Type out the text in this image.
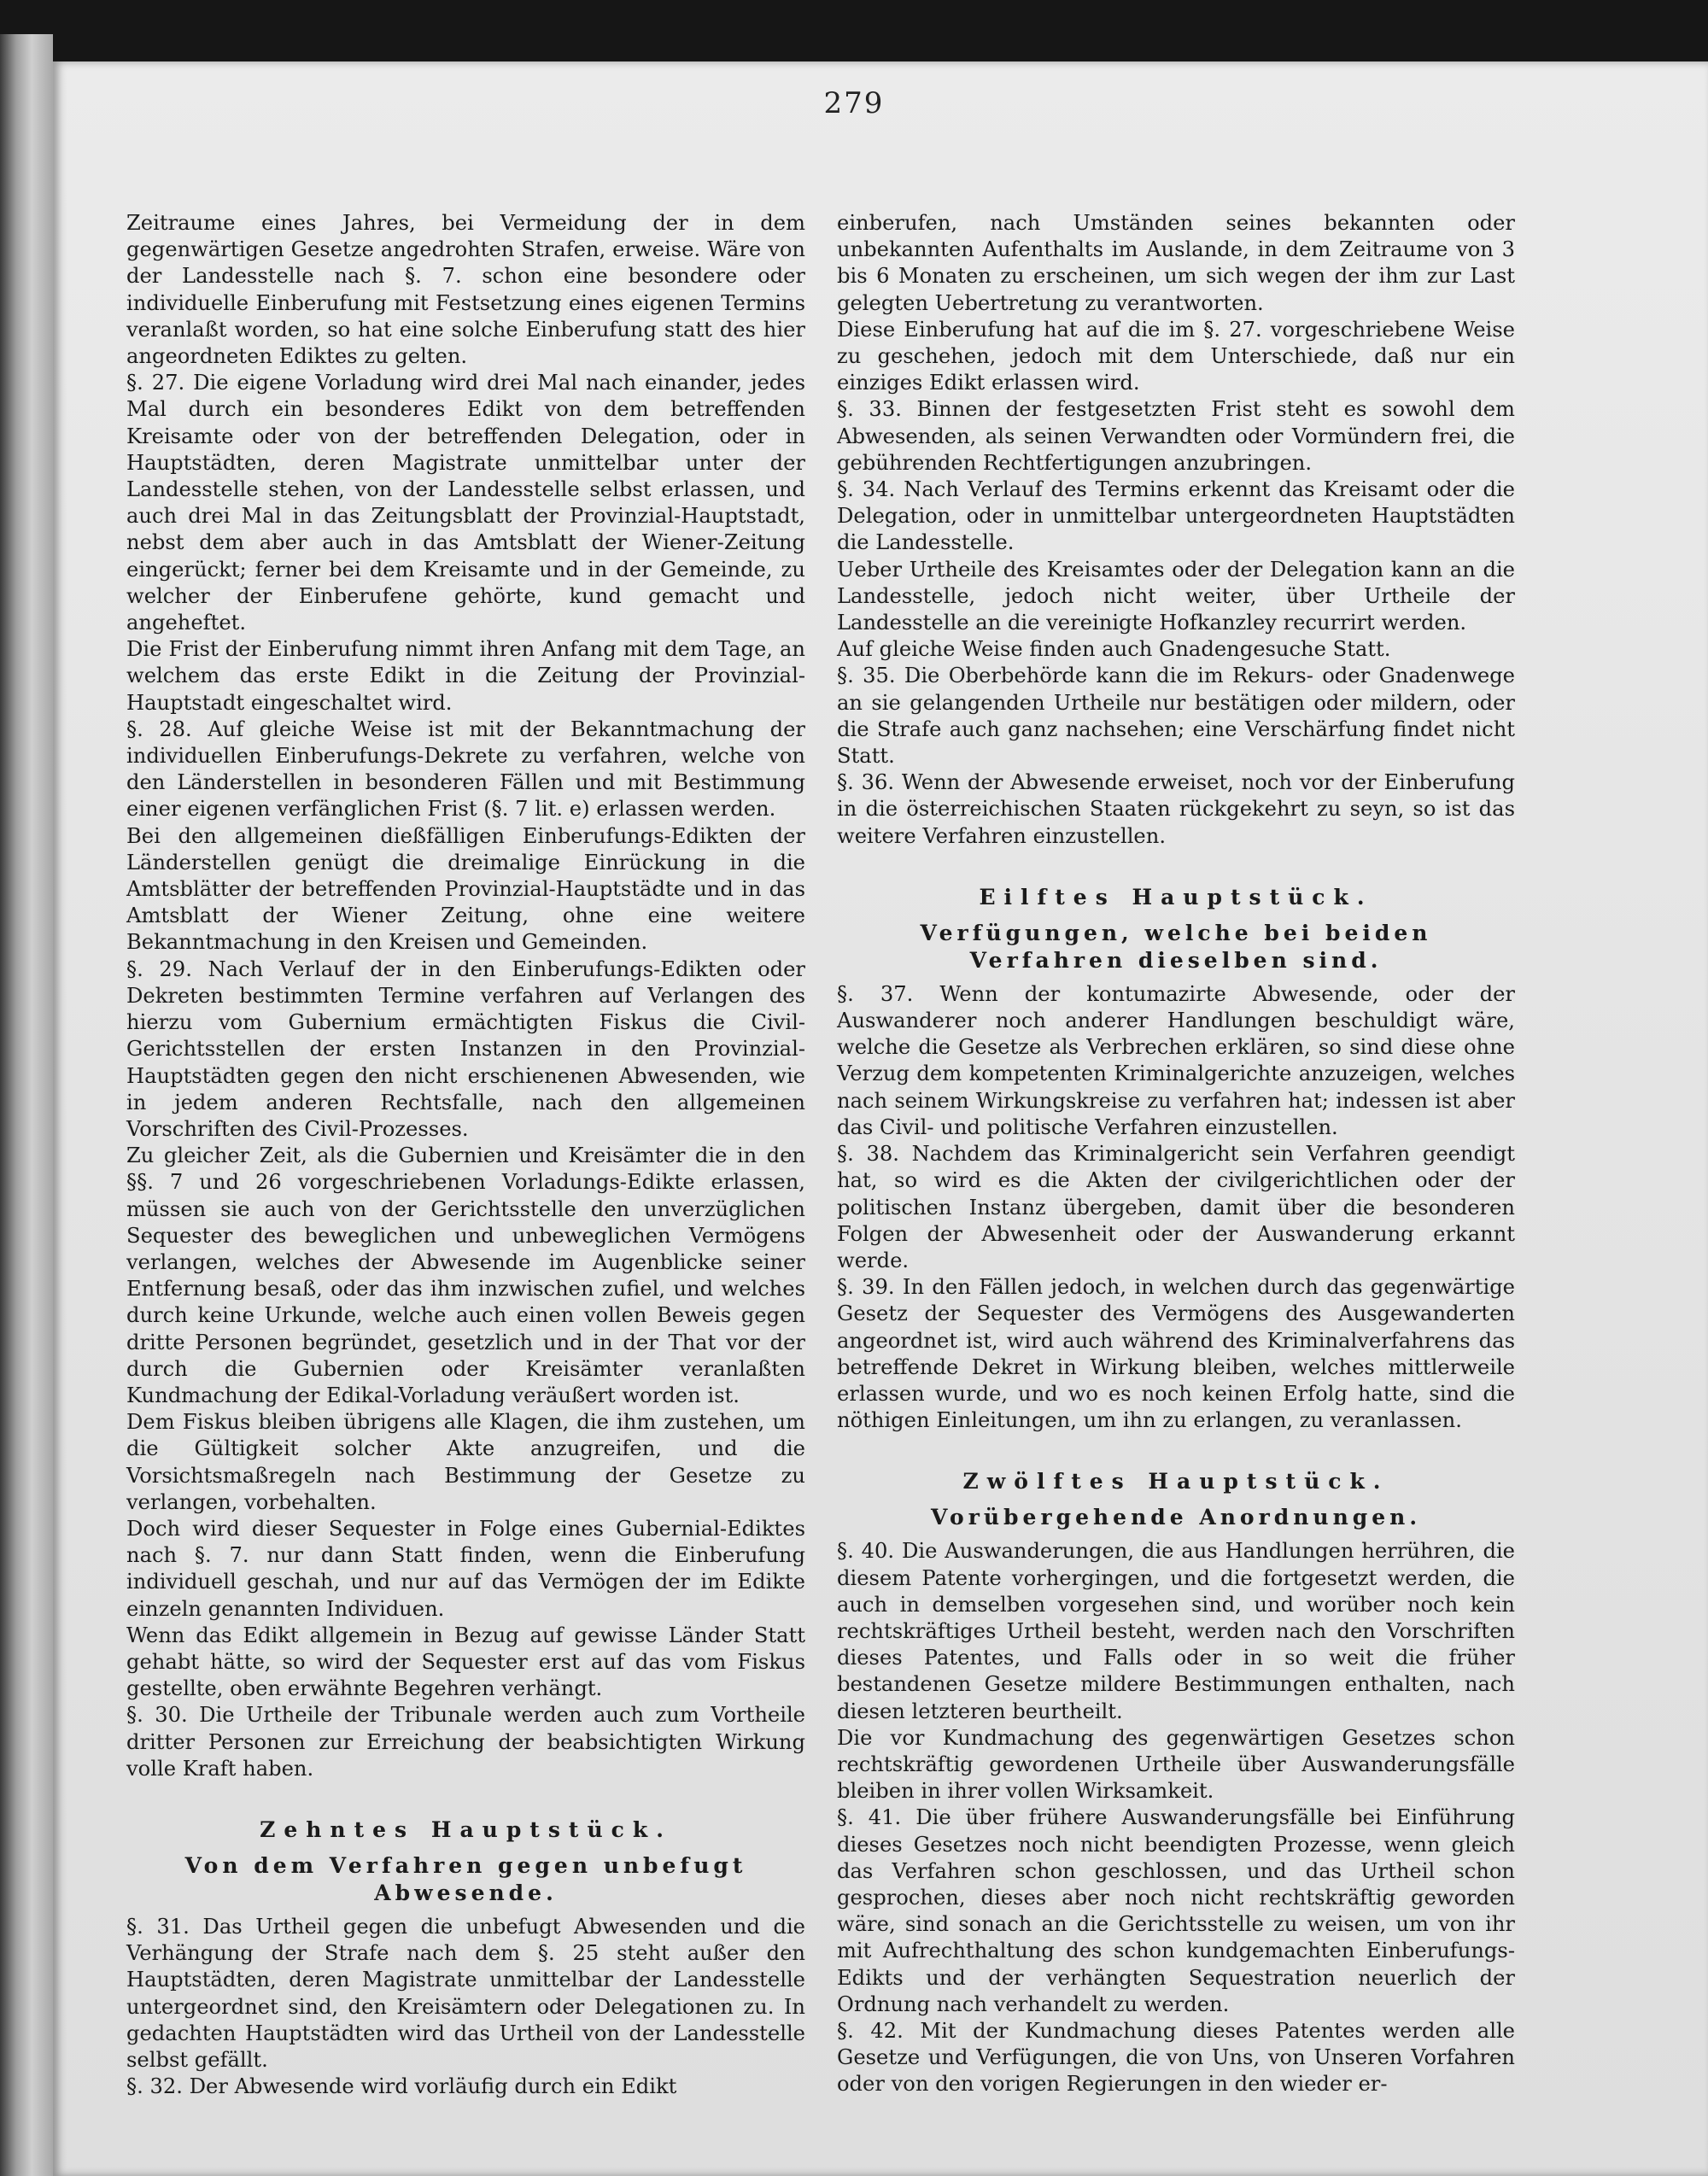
279

Zeitraume eines Jahres, bei Vermeidung der in dem gegenwärtigen Gesetze angedrohten Strafen, erweise. Wäre von der Landesstelle nach §. 7. schon eine besondere oder individuelle Einberufung mit Festsetzung eines eigenen Termins veranlaßt worden, so hat eine solche Einberufung statt des hier angeordneten Ediktes zu gelten.

§. 27. Die eigene Vorladung wird drei Mal nach einander, jedes Mal durch ein besonderes Edikt von dem betreffenden Kreisamte oder von der betreffenden Delegation, oder in Hauptstädten, deren Magistrate unmittelbar unter der Landesstelle stehen, von der Landesstelle selbst erlassen, und auch drei Mal in das Zeitungsblatt der Provinzial-Hauptstadt, nebst dem aber auch in das Amtsblatt der Wiener-Zeitung eingerückt; ferner bei dem Kreisamte und in der Gemeinde, zu welcher der Einberufene gehörte, kund gemacht und angeheftet.

Die Frist der Einberufung nimmt ihren Anfang mit dem Tage, an welchem das erste Edikt in die Zeitung der Provinzial-Hauptstadt eingeschaltet wird.

§. 28. Auf gleiche Weise ist mit der Bekanntmachung der individuellen Einberufungs-Dekrete zu verfahren, welche von den Länderstellen in besonderen Fällen und mit Bestimmung einer eigenen verfänglichen Frist (§. 7 lit. e) erlassen werden.

Bei den allgemeinen dießfälligen Einberufungs-Edikten der Länderstellen genügt die dreimalige Einrückung in die Amtsblätter der betreffenden Provinzial-Hauptstädte und in das Amtsblatt der Wiener Zeitung, ohne eine weitere Bekanntmachung in den Kreisen und Gemeinden.

§. 29. Nach Verlauf der in den Einberufungs-Edikten oder Dekreten bestimmten Termine verfahren auf Verlangen des hierzu vom Gubernium ermächtigten Fiskus die Civil-Gerichtsstellen der ersten Instanzen in den Provinzial-Hauptstädten gegen den nicht erschienenen Abwesenden, wie in jedem anderen Rechtsfalle, nach den allgemeinen Vorschriften des Civil-Prozesses.

Zu gleicher Zeit, als die Gubernien und Kreisämter die in den §§. 7 und 26 vorgeschriebenen Vorladungs-Edikte erlassen, müssen sie auch von der Gerichtsstelle den unverzüglichen Sequester des beweglichen und unbeweglichen Vermögens verlangen, welches der Abwesende im Augenblicke seiner Entfernung besaß, oder das ihm inzwischen zufiel, und welches durch keine Urkunde, welche auch einen vollen Beweis gegen dritte Personen begründet, gesetzlich und in der That vor der durch die Gubernien oder Kreisämter veranlaßten Kundmachung der Edikal-Vorladung veräußert worden ist.

Dem Fiskus bleiben übrigens alle Klagen, die ihm zustehen, um die Gültigkeit solcher Akte anzugreifen, und die Vorsichtsmaßregeln nach Bestimmung der Gesetze zu verlangen, vorbehalten.

Doch wird dieser Sequester in Folge eines Gubernial-Ediktes nach §. 7. nur dann Statt finden, wenn die Einberufung individuell geschah, und nur auf das Vermögen der im Edikte einzeln genannten Individuen.

Wenn das Edikt allgemein in Bezug auf gewisse Länder Statt gehabt hätte, so wird der Sequester erst auf das vom Fiskus gestellte, oben erwähnte Begehren verhängt.

§. 30. Die Urtheile der Tribunale werden auch zum Vortheile dritter Personen zur Erreichung der beabsichtigten Wirkung volle Kraft haben.

Zehntes Hauptstück.

Von dem Verfahren gegen unbefugt Abwesende.

§. 31. Das Urtheil gegen die unbefugt Abwesenden und die Verhängung der Strafe nach dem §. 25 steht außer den Hauptstädten, deren Magistrate unmittelbar der Landesstelle untergeordnet sind, den Kreisämtern oder Delegationen zu. In gedachten Hauptstädten wird das Urtheil von der Landesstelle selbst gefällt.

§. 32. Der Abwesende wird vorläufig durch ein Edikt

einberufen, nach Umständen seines bekannten oder unbekannten Aufenthalts im Auslande, in dem Zeitraume von 3 bis 6 Monaten zu erscheinen, um sich wegen der ihm zur Last gelegten Uebertretung zu verantworten.

Diese Einberufung hat auf die im §. 27. vorgeschriebene Weise zu geschehen, jedoch mit dem Unterschiede, daß nur ein einziges Edikt erlassen wird.

§. 33. Binnen der festgesetzten Frist steht es sowohl dem Abwesenden, als seinen Verwandten oder Vormündern frei, die gebührenden Rechtfertigungen anzubringen.

§. 34. Nach Verlauf des Termins erkennt das Kreisamt oder die Delegation, oder in unmittelbar untergeordneten Hauptstädten die Landesstelle.

Ueber Urtheile des Kreisamtes oder der Delegation kann an die Landesstelle, jedoch nicht weiter, über Urtheile der Landesstelle an die vereinigte Hofkanzley recurrirt werden.

Auf gleiche Weise finden auch Gnadengesuche Statt.

§. 35. Die Oberbehörde kann die im Rekurs- oder Gnadenwege an sie gelangenden Urtheile nur bestätigen oder mildern, oder die Strafe auch ganz nachsehen; eine Verschärfung findet nicht Statt.

§. 36. Wenn der Abwesende erweiset, noch vor der Einberufung in die österreichischen Staaten rückgekehrt zu seyn, so ist das weitere Verfahren einzustellen.

Eilftes Hauptstück.

Verfügungen, welche bei beiden Verfahren dieselben sind.

§. 37. Wenn der kontumazirte Abwesende, oder der Auswanderer noch anderer Handlungen beschuldigt wäre, welche die Gesetze als Verbrechen erklären, so sind diese ohne Verzug dem kompetenten Kriminalgerichte anzuzeigen, welches nach seinem Wirkungskreise zu verfahren hat; indessen ist aber das Civil- und politische Verfahren einzustellen.

§. 38. Nachdem das Kriminalgericht sein Verfahren geendigt hat, so wird es die Akten der civilgerichtlichen oder der politischen Instanz übergeben, damit über die besonderen Folgen der Abwesenheit oder der Auswanderung erkannt werde.

§. 39. In den Fällen jedoch, in welchen durch das gegenwärtige Gesetz der Sequester des Vermögens des Ausgewanderten angeordnet ist, wird auch während des Kriminalverfahrens das betreffende Dekret in Wirkung bleiben, welches mittlerweile erlassen wurde, und wo es noch keinen Erfolg hatte, sind die nöthigen Einleitungen, um ihn zu erlangen, zu veranlassen.

Zwölftes Hauptstück.

Vorübergehende Anordnungen.

§. 40. Die Auswanderungen, die aus Handlungen herrühren, die diesem Patente vorhergingen, und die fortgesetzt werden, die auch in demselben vorgesehen sind, und worüber noch kein rechtskräftiges Urtheil besteht, werden nach den Vorschriften dieses Patentes, und Falls oder in so weit die früher bestandenen Gesetze mildere Bestimmungen enthalten, nach diesen letzteren beurtheilt.

Die vor Kundmachung des gegenwärtigen Gesetzes schon rechtskräftig gewordenen Urtheile über Auswanderungsfälle bleiben in ihrer vollen Wirksamkeit.

§. 41. Die über frühere Auswanderungsfälle bei Einführung dieses Gesetzes noch nicht beendigten Prozesse, wenn gleich das Verfahren schon geschlossen, und das Urtheil schon gesprochen, dieses aber noch nicht rechtskräftig geworden wäre, sind sonach an die Gerichtsstelle zu weisen, um von ihr mit Aufrechthaltung des schon kundgemachten Einberufungs-Edikts und der verhängten Sequestration neuerlich der Ordnung nach verhandelt zu werden.

§. 42. Mit der Kundmachung dieses Patentes werden alle Gesetze und Verfügungen, die von Uns, von Unseren Vorfahren oder von den vorigen Regierungen in den wieder er-
